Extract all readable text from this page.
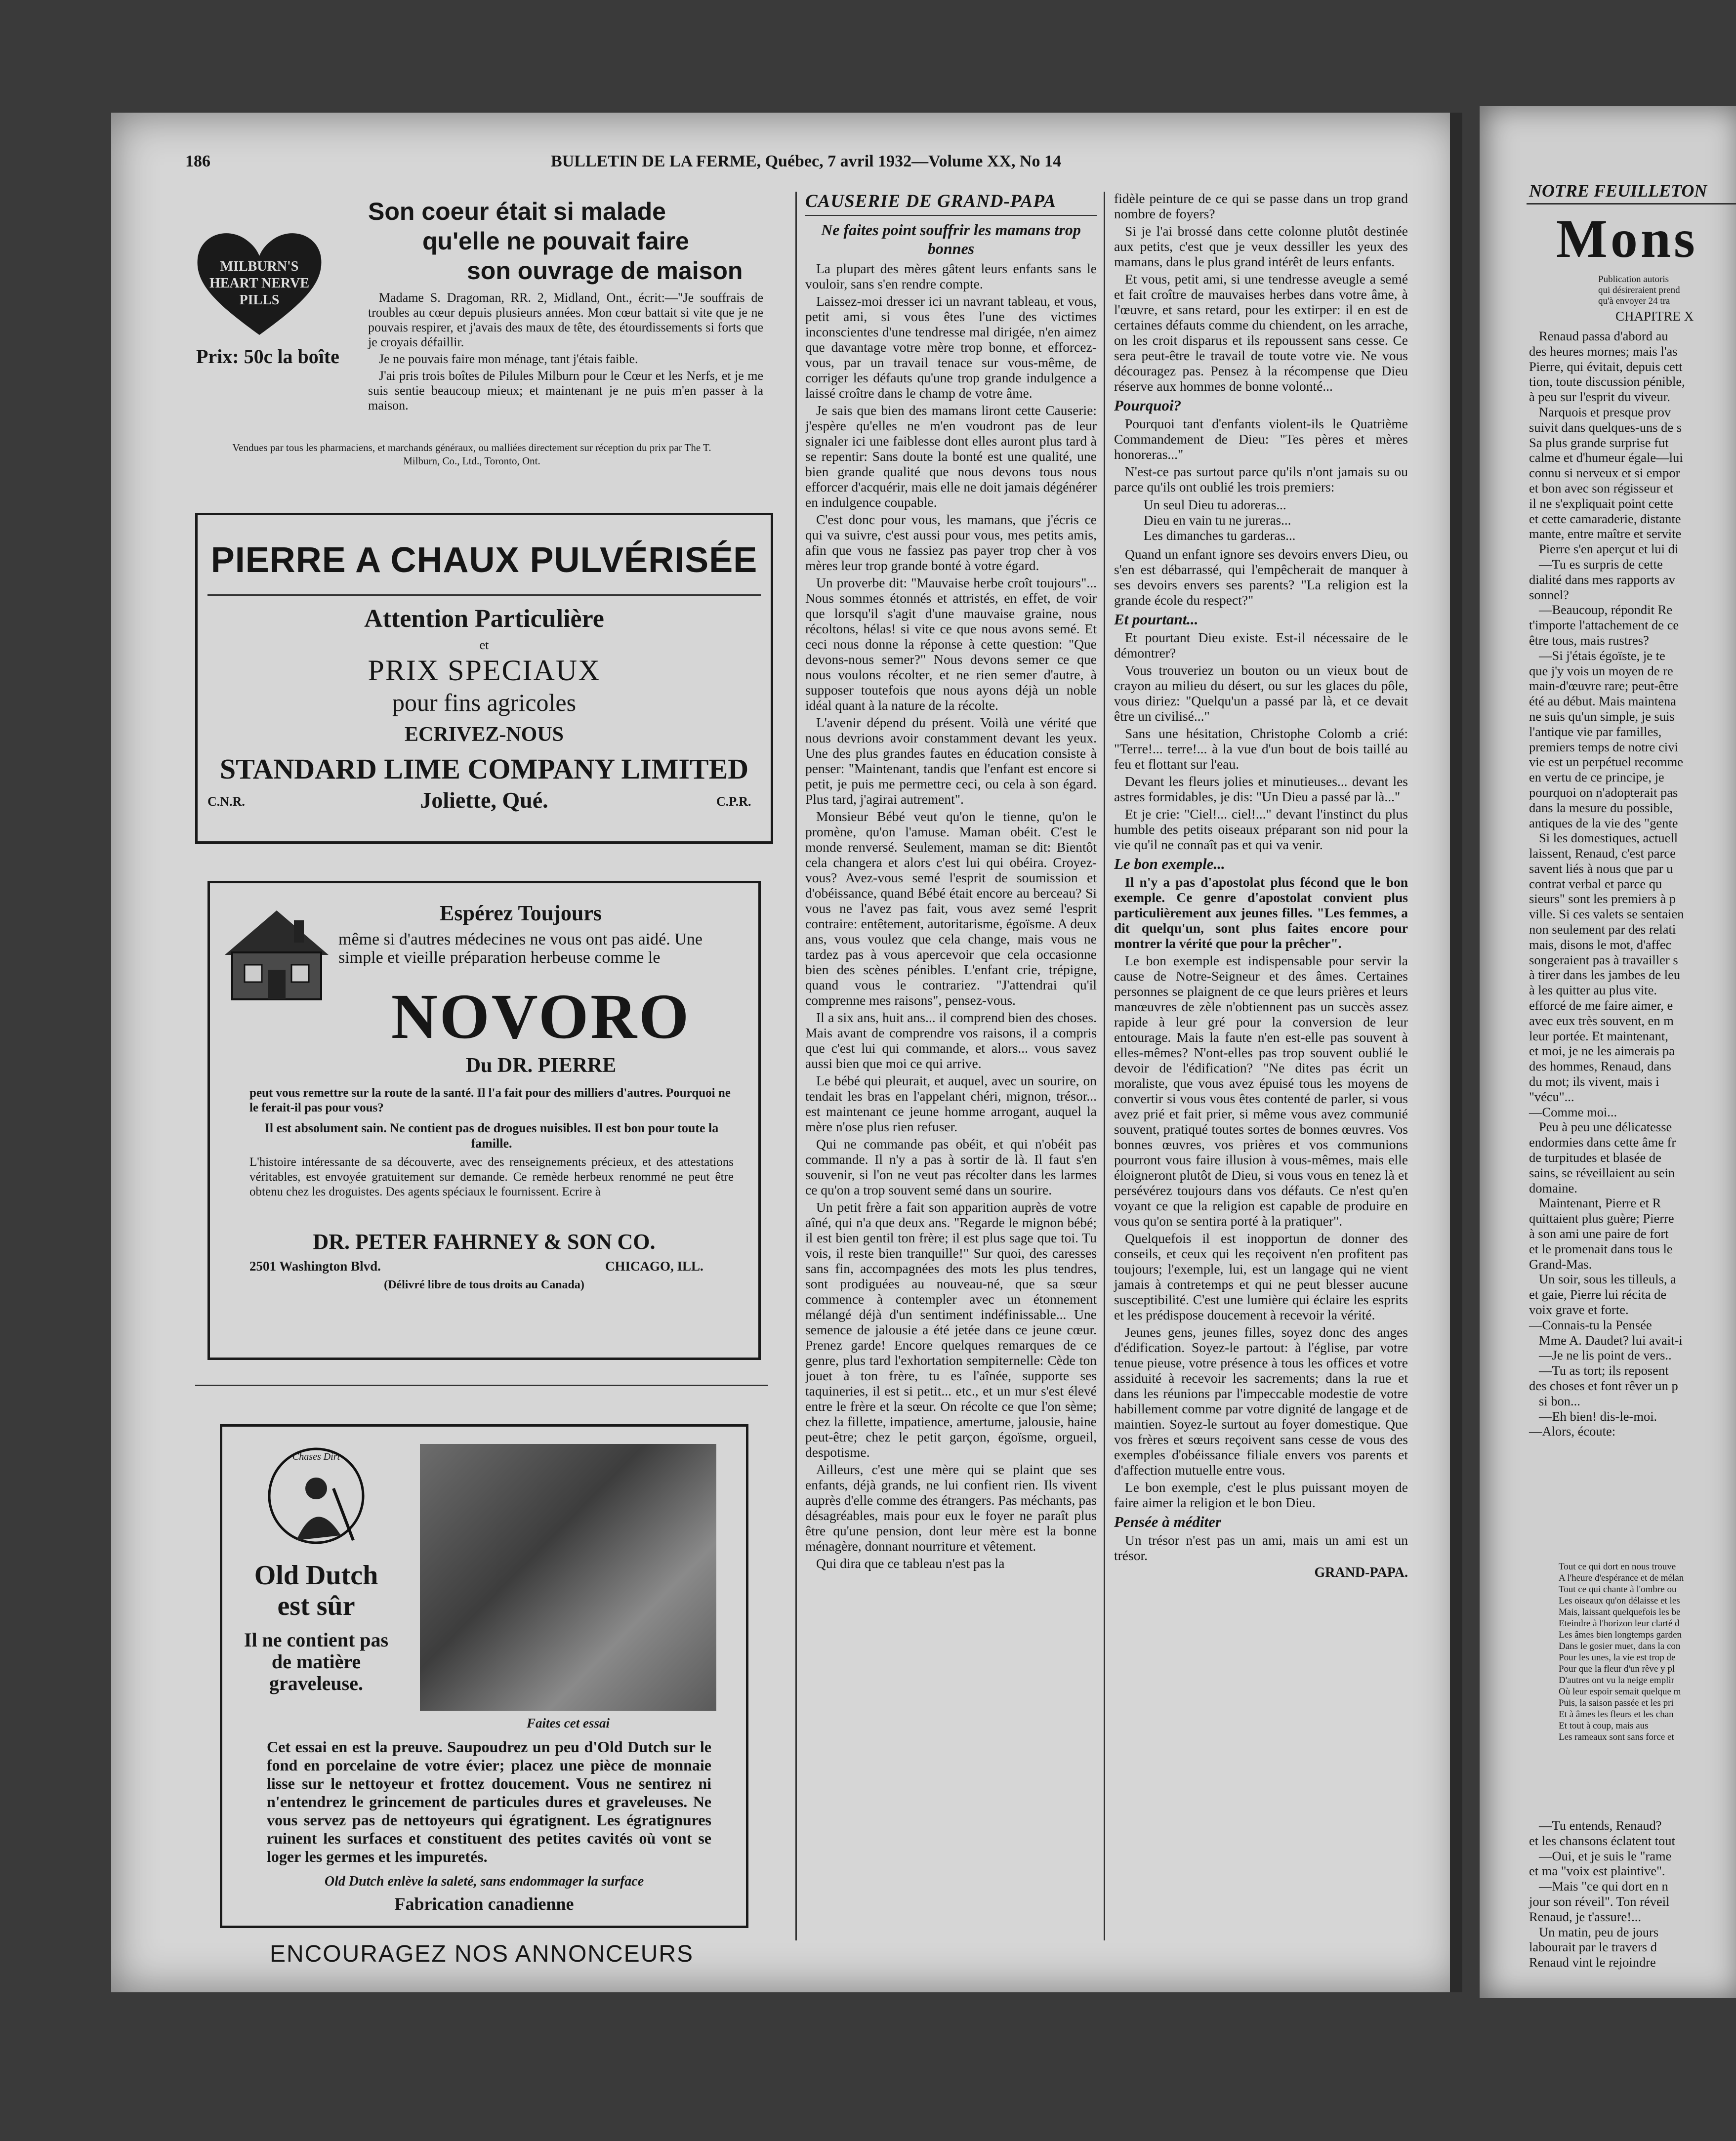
186	BULLETIN DE LA FERME, Québec, 7 avril 1932—Volume XX, No 14
MILBURN'S HEART NERVE PILLS
Prix: 50c la boîte
Son coeur était si malade
qu'elle ne pouvait faire
son ouvrage de maison

Madame S. Dragoman, RR. 2, Midland, Ont., écrit:—"Je souffrais de troubles au cœur depuis plusieurs années. Mon cœur battait si vite que je ne pouvais respirer, et j'avais des maux de tête, des étourdissements si forts que je croyais défaillir.

Je ne pouvais faire mon ménage, tant j'étais faible.

J'ai pris trois boîtes de Pilules Milburn pour le Cœur et les Nerfs, et je me suis sentie beaucoup mieux; et maintenant je ne puis m'en passer à la maison.

Vendues par tous les pharmaciens, et marchands généraux, ou malliées directement sur réception du prix par The T. Milburn, Co., Ltd., Toronto, Ont.
PIERRE A CHAUX PULVÉRISÉE
Attention Particulière
et
PRIX SPECIAUX
pour fins agricoles
ECRIVEZ-NOUS
STANDARD LIME COMPANY LIMITED
C.N.R.	Joliette, Qué.	C.P.R.
Espérez Toujours
même si d'autres médecines ne vous ont pas aidé. Une simple et vieille préparation herbeuse comme le
NOVORO
Du DR. PIERRE
peut vous remettre sur la route de la santé. Il l'a fait pour des milliers d'autres. Pourquoi ne le ferait-il pas pour vous?
Il est absolument sain. Ne contient pas de drogues nuisibles. Il est bon pour toute la famille.
L'histoire intéressante de sa découverte, avec des renseignements précieux, et des attestations véritables, est envoyée gratuitement sur demande. Ce remède herbeux renommé ne peut être obtenu chez les droguistes. Des agents spéciaux le fournissent. Ecrire à
DR. PETER FAHRNEY & SON CO.
2501 Washington Blvd.	CHICAGO, ILL.
(Délivré libre de tous droits au Canada)
Chases Dirt
Old Dutch
est sûr
Il ne contient pas de matière graveleuse.
Faites cet essai
Cet essai en est la preuve. Saupoudrez un peu d'Old Dutch sur le fond en porcelaine de votre évier; placez une pièce de monnaie lisse sur le nettoyeur et frottez doucement. Vous ne sentirez ni n'entendrez le grincement de particules dures et graveleuses. Ne vous servez pas de nettoyeurs qui égratignent. Les égratignures ruinent les surfaces et constituent des petites cavités où vont se loger les germes et les impuretés.
Old Dutch enlève la saleté, sans endommager la surface
Fabrication canadienne
ENCOURAGEZ NOS ANNONCEURS
CAUSERIE DE GRAND-PAPA
Ne faites point souffrir les mamans trop bonnes

La plupart des mères gâtent leurs enfants sans le vouloir, sans s'en rendre compte.

Laissez-moi dresser ici un navrant tableau, et vous, petit ami, si vous êtes l'une des victimes inconscientes d'une tendresse mal dirigée, n'en aimez que davantage votre mère trop bonne, et efforcez-vous, par un travail tenace sur vous-même, de corriger les défauts qu'une trop grande indulgence a laissé croître dans le champ de votre âme.

Je sais que bien des mamans liront cette Causerie: j'espère qu'elles ne m'en voudront pas de leur signaler ici une faiblesse dont elles auront plus tard à se repentir: Sans doute la bonté est une qualité, une bien grande qualité que nous devons tous nous efforcer d'acquérir, mais elle ne doit jamais dégénérer en indulgence coupable.

C'est donc pour vous, les mamans, que j'écris ce qui va suivre, c'est aussi pour vous, mes petits amis, afin que vous ne fassiez pas payer trop cher à vos mères leur trop grande bonté à votre égard.

Un proverbe dit: "Mauvaise herbe croît toujours"... Nous sommes étonnés et attristés, en effet, de voir que lorsqu'il s'agit d'une mauvaise graine, nous récoltons, hélas! si vite ce que nous avons semé. Et ceci nous donne la réponse à cette question: "Que devons-nous semer?" Nous devons semer ce que nous voulons récolter, et ne rien semer d'autre, à supposer toutefois que nous ayons déjà un noble idéal quant à la nature de la récolte.

L'avenir dépend du présent. Voilà une vérité que nous devrions avoir constamment devant les yeux. Une des plus grandes fautes en éducation consiste à penser: "Maintenant, tandis que l'enfant est encore si petit, je puis me permettre ceci, ou cela à son égard. Plus tard, j'agirai autrement".

Monsieur Bébé veut qu'on le tienne, qu'on le promène, qu'on l'amuse. Maman obéit. C'est le monde renversé. Seulement, maman se dit: Bientôt cela changera et alors c'est lui qui obéira. Croyez-vous? Avez-vous semé l'esprit de soumission et d'obéissance, quand Bébé était encore au berceau? Si vous ne l'avez pas fait, vous avez semé l'esprit contraire: entêtement, autoritarisme, égoïsme. A deux ans, vous voulez que cela change, mais vous ne tardez pas à vous apercevoir que cela occasionne bien des scènes pénibles. L'enfant crie, trépigne, quand vous le contrariez. "J'attendrai qu'il comprenne mes raisons", pensez-vous.

Il a six ans, huit ans... il comprend bien des choses. Mais avant de comprendre vos raisons, il a compris que c'est lui qui commande, et alors... vous savez aussi bien que moi ce qui arrive.

Le bébé qui pleurait, et auquel, avec un sourire, on tendait les bras en l'appelant chéri, mignon, trésor... est maintenant ce jeune homme arrogant, auquel la mère n'ose plus rien refuser.

Qui ne commande pas obéit, et qui n'obéit pas commande. Il n'y a pas à sortir de là. Il faut s'en souvenir, si l'on ne veut pas récolter dans les larmes ce qu'on a trop souvent semé dans un sourire.

Un petit frère a fait son apparition auprès de votre aîné, qui n'a que deux ans. "Regarde le mignon bébé; il est bien gentil ton frère; il est plus sage que toi. Tu vois, il reste bien tranquille!" Sur quoi, des caresses sans fin, accompagnées des mots les plus tendres, sont prodiguées au nouveau-né, que sa sœur commence à contempler avec un étonnement mélangé déjà d'un sentiment indéfinissable... Une semence de jalousie a été jetée dans ce jeune cœur. Prenez garde! Encore quelques remarques de ce genre, plus tard l'exhortation sempiternelle: Cède ton jouet à ton frère, tu es l'aînée, supporte ses taquineries, il est si petit... etc., et un mur s'est élevé entre le frère et la sœur. On récolte ce que l'on sème; chez la fillette, impatience, amertume, jalousie, haine peut-être; chez le petit garçon, égoïsme, orgueil, despotisme.

Ailleurs, c'est une mère qui se plaint que ses enfants, déjà grands, ne lui confient rien. Ils vivent auprès d'elle comme des étrangers. Pas méchants, pas désagréables, mais pour eux le foyer ne paraît plus être qu'une pension, dont leur mère est la bonne ménagère, donnant nourriture et vêtement.

Qui dira que ce tableau n'est pas la

fidèle peinture de ce qui se passe dans un trop grand nombre de foyers?

Si je l'ai brossé dans cette colonne plutôt destinée aux petits, c'est que je veux dessiller les yeux des mamans, dans le plus grand intérêt de leurs enfants.

Et vous, petit ami, si une tendresse aveugle a semé et fait croître de mauvaises herbes dans votre âme, à l'œuvre, et sans retard, pour les extirper: il en est de certaines défauts comme du chiendent, on les arrache, on les croit disparus et ils repoussent sans cesse. Ce sera peut-être le travail de toute votre vie. Ne vous découragez pas. Pensez à la récompense que Dieu réserve aux hommes de bonne volonté...

Pourquoi?

Pourquoi tant d'enfants violent-ils le Quatrième Commandement de Dieu: "Tes pères et mères honoreras..."

N'est-ce pas surtout parce qu'ils n'ont jamais su ou parce qu'ils ont oublié les trois premiers:

Un seul Dieu tu adoreras...
Dieu en vain tu ne jureras...
Les dimanches tu garderas...

Quand un enfant ignore ses devoirs envers Dieu, ou s'en est débarrassé, qui l'empêcherait de manquer à ses devoirs envers ses parents? "La religion est la grande école du respect?"

Et pourtant...

Et pourtant Dieu existe. Est-il nécessaire de le démontrer?

Vous trouveriez un bouton ou un vieux bout de crayon au milieu du désert, ou sur les glaces du pôle, vous diriez: "Quelqu'un a passé par là, et ce devait être un civilisé..."

Sans une hésitation, Christophe Colomb a crié: "Terre!... terre!... à la vue d'un bout de bois taillé au feu et flottant sur l'eau.

Devant les fleurs jolies et minutieuses... devant les astres formidables, je dis: "Un Dieu a passé par là..."

Et je crie: "Ciel!... ciel!..." devant l'instinct du plus humble des petits oiseaux préparant son nid pour la vie qu'il ne connaît pas et qui va venir.

Le bon exemple...

Il n'y a pas d'apostolat plus fécond que le bon exemple. Ce genre d'apostolat convient plus particulièrement aux jeunes filles. "Les femmes, a dit quelqu'un, sont plus faites encore pour montrer la vérité que pour la prêcher".

Le bon exemple est indispensable pour servir la cause de Notre-Seigneur et des âmes. Certaines personnes se plaignent de ce que leurs prières et leurs manœuvres de zèle n'obtiennent pas un succès assez rapide à leur gré pour la conversion de leur entourage. Mais la faute n'en est-elle pas souvent à elles-mêmes? N'ont-elles pas trop souvent oublié le devoir de l'édification? "Ne dites pas écrit un moraliste, que vous avez épuisé tous les moyens de convertir si vous vous êtes contenté de parler, si vous avez prié et fait prier, si même vous avez communié souvent, pratiqué toutes sortes de bonnes œuvres. Vos bonnes œuvres, vos prières et vos communions pourront vous faire illusion à vous-mêmes, mais elle éloigneront plutôt de Dieu, si vous vous en tenez là et persévérez toujours dans vos défauts. Ce n'est qu'en voyant ce que la religion est capable de produire en vous qu'on se sentira porté à la pratiquer".

Quelquefois il est inopportun de donner des conseils, et ceux qui les reçoivent n'en profitent pas toujours; l'exemple, lui, est un langage qui ne vient jamais à contretemps et qui ne peut blesser aucune susceptibilité. C'est une lumière qui éclaire les esprits et les prédispose doucement à recevoir la vérité.

Jeunes gens, jeunes filles, soyez donc des anges d'édification. Soyez-le partout: à l'église, par votre tenue pieuse, votre présence à tous les offices et votre assiduité à recevoir les sacrements; dans la rue et dans les réunions par l'impeccable modestie de votre habillement comme par votre dignité de langage et de maintien. Soyez-le surtout au foyer domestique. Que vos frères et sœurs reçoivent sans cesse de vous des exemples d'obéissance filiale envers vos parents et d'affection mutuelle entre vous.

Le bon exemple, c'est le plus puissant moyen de faire aimer la religion et le bon Dieu.

Pensée à méditer

Un trésor n'est pas un ami, mais un ami est un trésor.

GRAND-PAPA.
NOTRE FEUILLETON
Mons
Publication autoris
qui désireraient prend
qu'à envoyer 24 tra
CHAPITRE X
Renaud passa d'abord au
des heures mornes; mais l'as
Pierre, qui évitait, depuis cett
tion, toute discussion pénible,
à peu sur l'esprit du viveur.
Narquois et presque prov
suivit dans quelques-uns de s
Sa plus grande surprise fut
calme et d'humeur égale—lui
connu si nerveux et si empor
et bon avec son régisseur et
il ne s'expliquait point cette
et cette camaraderie, distante
mante, entre maître et servite
Pierre s'en aperçut et lui di
—Tu es surpris de cette
dialité dans mes rapports av
sonnel?
—Beaucoup, répondit Re
t'importe l'attachement de ce
être tous, mais rustres?
—Si j'étais égoïste, je te
que j'y vois un moyen de re
main-d'œuvre rare; peut-être
été au début. Mais maintena
ne suis qu'un simple, je suis
l'antique vie par familles,
premiers temps de notre civi
vie est un perpétuel recomme
en vertu de ce principe, je
pourquoi on n'adopterait pas
dans la mesure du possible,
antiques de la vie des "gente
Si les domestiques, actuell
laissent, Renaud, c'est parce
savent liés à nous que par u
contrat verbal et parce qu
sieurs" sont les premiers à p
ville. Si ces valets se sentaien
non seulement par des relati
mais, disons le mot, d'affec
songeraient pas à travailler s
à tirer dans les jambes de leu
à les quitter au plus vite.
efforcé de me faire aimer, e
avec eux très souvent, en m
leur portée. Et maintenant,
et moi, je ne les aimerais pa
des hommes, Renaud, dans
du mot; ils vivent, mais i
"vécu"...
—Comme moi...
Peu à peu une délicatesse
endormies dans cette âme fr
de turpitudes et blasée de
sains, se réveillaient au sein
domaine.
Maintenant, Pierre et R
quittaient plus guère; Pierre
à son ami une paire de fort
et le promenait dans tous le
Grand-Mas.
Un soir, sous les tilleuls, a
et gaie, Pierre lui récita de
voix grave et forte.
—Connais-tu la Pensée
Mme A. Daudet? lui avait-i
—Je ne lis point de vers..
—Tu as tort; ils reposent
des choses et font rêver un p
si bon...
—Eh bien! dis-le-moi.
—Alors, écoute:
Tout ce qui dort en nous trouve
A l'heure d'espérance et de mélan
Tout ce qui chante à l'ombre ou
Les oiseaux qu'on délaisse et les
Mais, laissant quelquefois les be
Eteindre à l'horizon leur clarté d
Les âmes bien longtemps garden
Dans le gosier muet, dans la con
Pour les unes, la vie est trop de
Pour que la fleur d'un rêve y pl
D'autres ont vu la neige emplir
Où leur espoir semait quelque m
Puis, la saison passée et les pri
Et à âmes les fleurs et les chan
Et tout à coup, mais aus
Les rameaux sont sans force et
—Tu entends, Renaud?
et les chansons éclatent tout
—Oui, et je suis le "rame
et ma "voix est plaintive".
—Mais "ce qui dort en n
jour son réveil". Ton réveil
Renaud, je t'assure!...
Un matin, peu de jours
labourait par le travers d
Renaud vint le rejoindre
